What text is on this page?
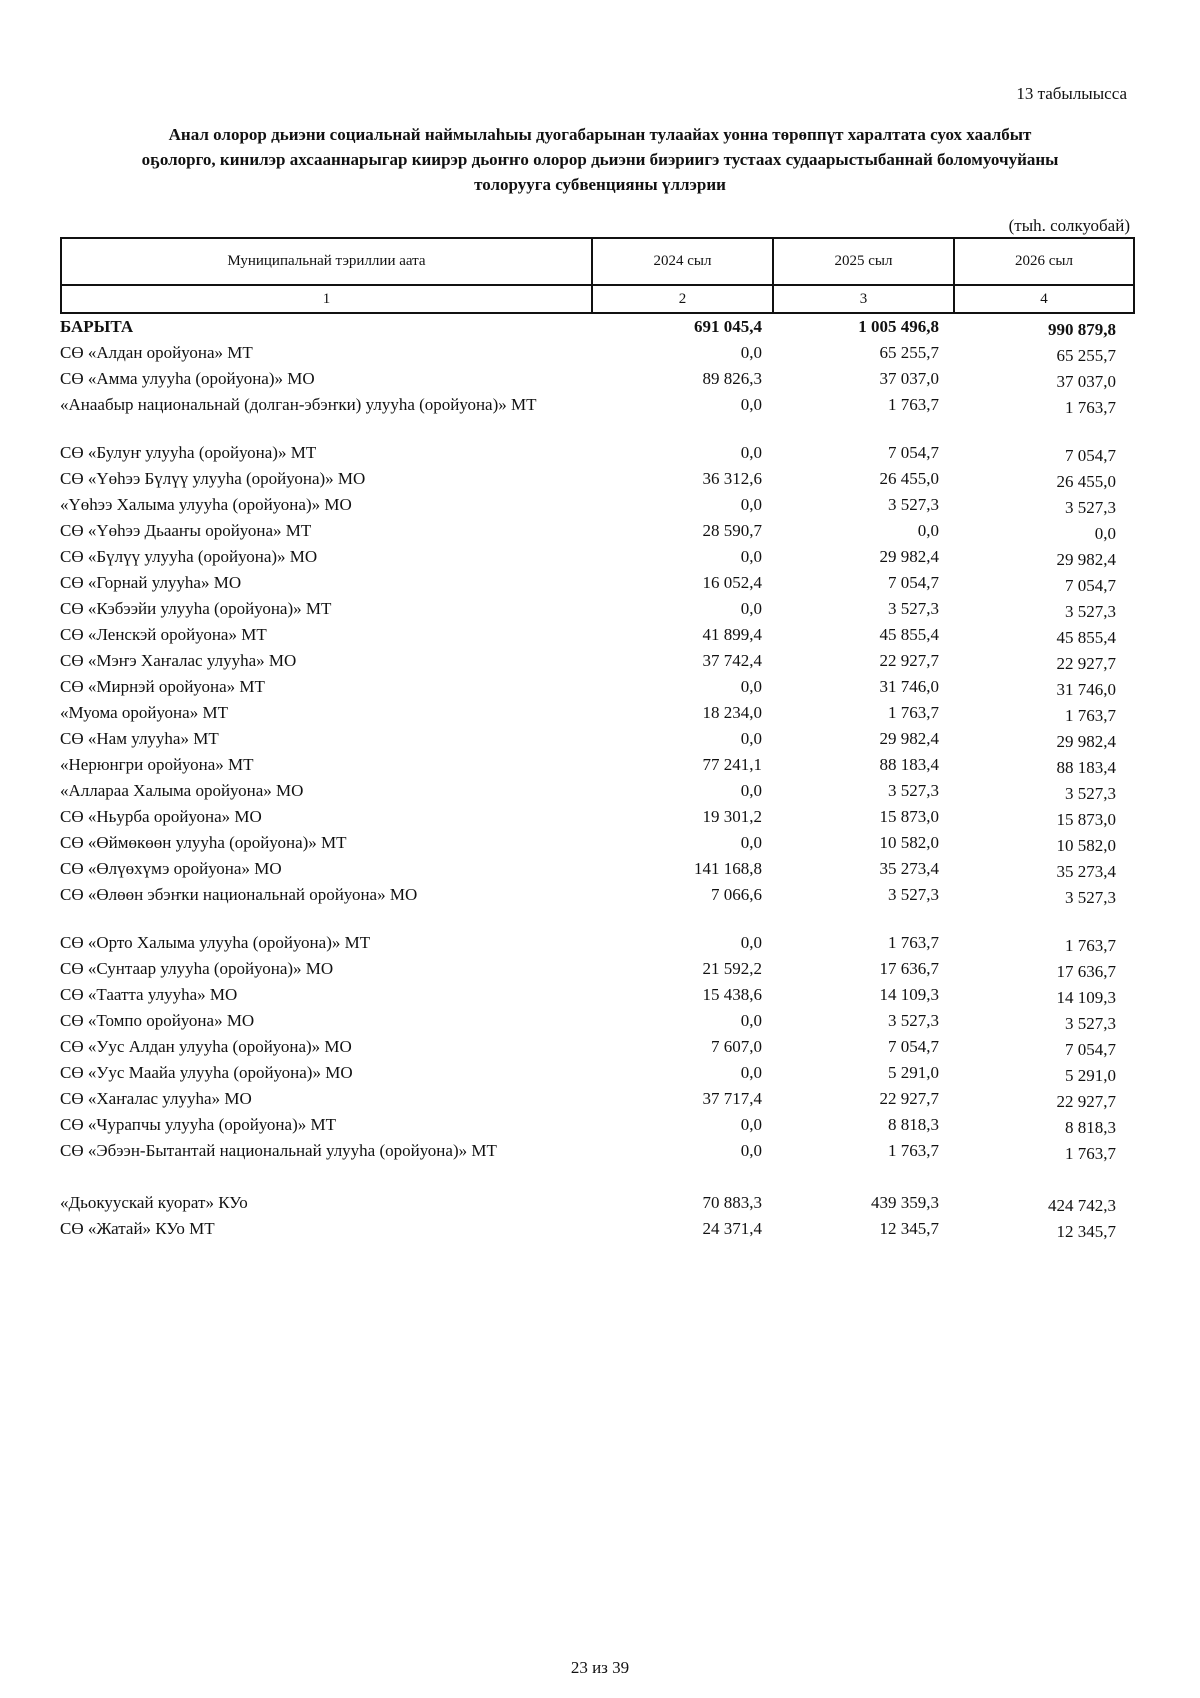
13 табылыысса
Анал олорор дьиэни социальнай наймылаһыы дуогабарынан тулаайах уонна төрөппүт харалтата суох хаалбыт
оҕолорго, кинилэр ахсааннарыгар киирэр дьоҥҥо олорор дьиэни биэриигэ тустаах судаарыстыбаннай боломуочуйаны
толорууга субвенцияны үллэрии
(тыһ. солкуобай)
Муниципальнай тэриллии аата	2024 сыл	2025 сыл	2026 сыл
1	2	3	4
БАРЫТА	691 045,4	1 005 496,8	990 879,8
СӨ «Алдан оройуона» МТ	0,0	65 255,7	65 255,7
СӨ «Амма улууһа (оройуона)» МО	89 826,3	37 037,0	37 037,0
«Анаабыр национальнай (долган-эбэҥки) улууһа (оройуона)» МТ	0,0	1 763,7	1 763,7
СӨ «Булуҥ улууһа (оройуона)» МТ	0,0	7 054,7	7 054,7
СӨ «Үөһээ Бүлүү улууһа (оройуона)» МО	36 312,6	26 455,0	26 455,0
«Үөһээ Халыма улууһа (оройуона)» МО	0,0	3 527,3	3 527,3
СӨ «Үөһээ Дьааҥы оройуона» МТ	28 590,7	0,0	0,0
СӨ «Бүлүү улууһа (оройуона)» МО	0,0	29 982,4	29 982,4
СӨ «Горнай улууһа» МО	16 052,4	7 054,7	7 054,7
СӨ «Кэбээйи улууһа (оройуона)» МТ	0,0	3 527,3	3 527,3
СӨ «Ленскэй оройуона» МТ	41 899,4	45 855,4	45 855,4
СӨ «Мэҥэ Хаҥалас улууһа» МО	37 742,4	22 927,7	22 927,7
СӨ «Мирнэй оройуона» МТ	0,0	31 746,0	31 746,0
«Муома оройуона» МТ	18 234,0	1 763,7	1 763,7
СӨ «Нам улууһа» МТ	0,0	29 982,4	29 982,4
«Нерюнгри оройуона» МТ	77 241,1	88 183,4	88 183,4
«Аллараа Халыма оройуона» МО	0,0	3 527,3	3 527,3
СӨ «Ньурба оройуона» МО	19 301,2	15 873,0	15 873,0
СӨ «Өймөкөөн улууһа (оройуона)» МТ	0,0	10 582,0	10 582,0
СӨ «Өлүөхүмэ оройуона» МО	141 168,8	35 273,4	35 273,4
СӨ «Өлөөн эбэҥки национальнай оройуона» МО	7 066,6	3 527,3	3 527,3
СӨ «Орто Халыма улууһа (оройуона)» МТ	0,0	1 763,7	1 763,7
СӨ «Сунтаар улууһа (оройуона)» МО	21 592,2	17 636,7	17 636,7
СӨ «Таатта улууһа» МО	15 438,6	14 109,3	14 109,3
СӨ «Томпо оройуона» МО	0,0	3 527,3	3 527,3
СӨ «Уус Алдан улууһа (оройуона)» МО	7 607,0	7 054,7	7 054,7
СӨ «Уус Маайа улууһа (оройуона)» МО	0,0	5 291,0	5 291,0
СӨ «Хаҥалас улууһа» МО	37 717,4	22 927,7	22 927,7
СӨ «Чурапчы улууһа (оройуона)» МТ	0,0	8 818,3	8 818,3
СӨ «Эбээн-Бытантай национальнай улууһа (оройуона)» МТ	0,0	1 763,7	1 763,7
«Дьокуускай куорат» КУо	70 883,3	439 359,3	424 742,3
СӨ «Жатай» КУо МТ	24 371,4	12 345,7	12 345,7
23 из 39
